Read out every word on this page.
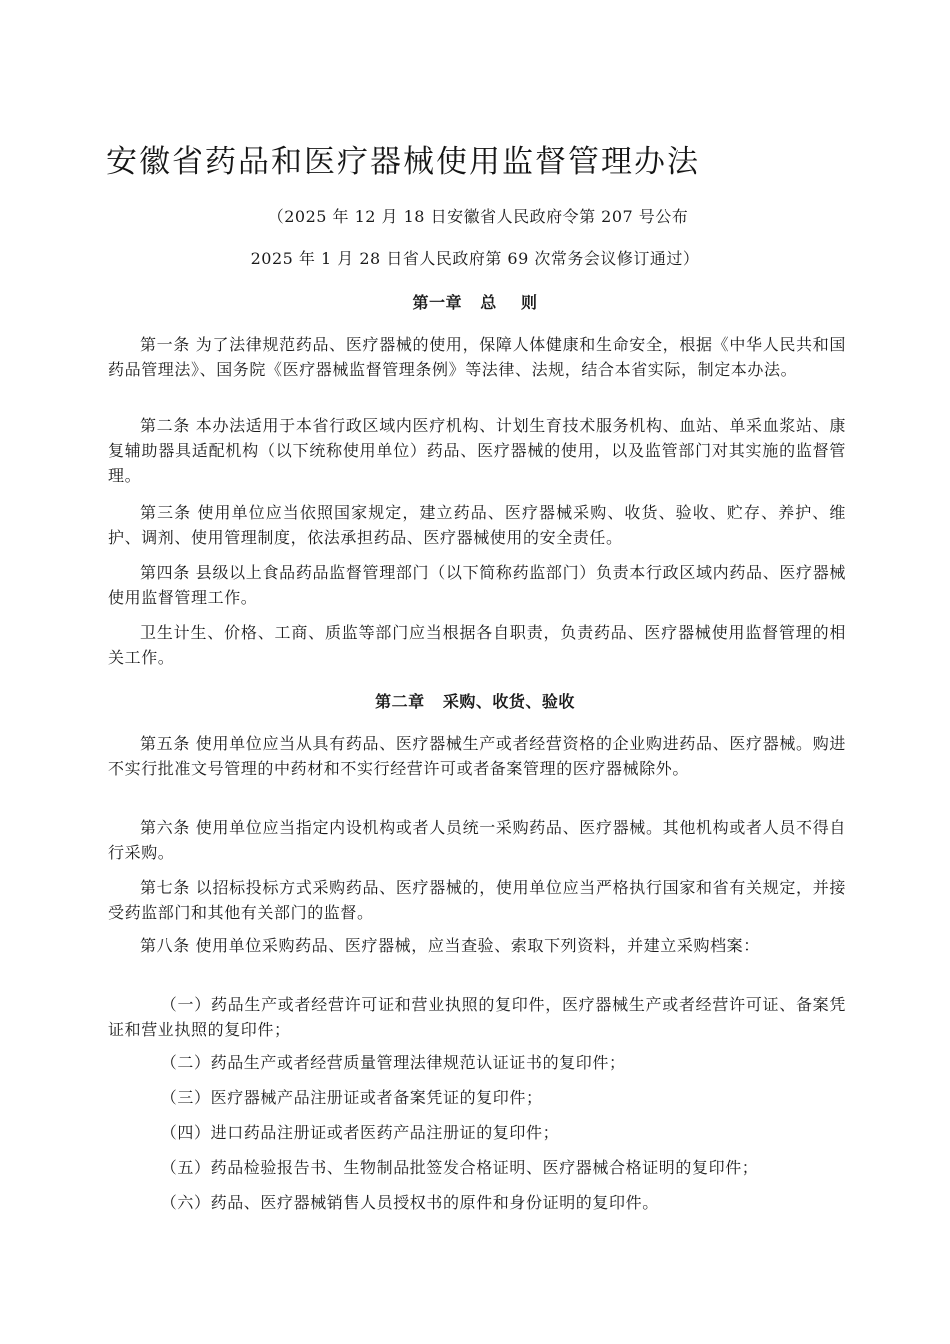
安徽省药品和医疗器械使用监督管理办法
（2025 年 12 月 18 日安徽省人民政府令第 207 号公布
2025 年 1 月 28 日省人民政府第 69 次常务会议修订通过）
第一章   总    则

第一条 为了法律规范药品、医疗器械的使用，保障人体健康和生命安全，根据《中华人民共和国药品管理法》、国务院《医疗器械监督管理条例》等法律、法规，结合本省实际，制定本办法。

第二条 本办法适用于本省行政区域内医疗机构、计划生育技术服务机构、血站、单采血浆站、康复辅助器具适配机构（以下统称使用单位）药品、医疗器械的使用，以及监管部门对其实施的监督管理。

第三条 使用单位应当依照国家规定，建立药品、医疗器械采购、收货、验收、贮存、养护、维护、调剂、使用管理制度，依法承担药品、医疗器械使用的安全责任。

第四条 县级以上食品药品监督管理部门（以下简称药监部门）负责本行政区域内药品、医疗器械使用监督管理工作。

卫生计生、价格、工商、质监等部门应当根据各自职责，负责药品、医疗器械使用监督管理的相关工作。

第二章   采购、收货、验收

第五条 使用单位应当从具有药品、医疗器械生产或者经营资格的企业购进药品、医疗器械。购进不实行批准文号管理的中药材和不实行经营许可或者备案管理的医疗器械除外。

第六条 使用单位应当指定内设机构或者人员统一采购药品、医疗器械。其他机构或者人员不得自行采购。

第七条 以招标投标方式采购药品、医疗器械的，使用单位应当严格执行国家和省有关规定，并接受药监部门和其他有关部门的监督。

第八条 使用单位采购药品、医疗器械，应当查验、索取下列资料，并建立采购档案：

（一）药品生产或者经营许可证和营业执照的复印件，医疗器械生产或者经营许可证、备案凭证和营业执照的复印件；

（二）药品生产或者经营质量管理法律规范认证证书的复印件；

（三）医疗器械产品注册证或者备案凭证的复印件；

（四）进口药品注册证或者医药产品注册证的复印件；

（五）药品检验报告书、生物制品批签发合格证明、医疗器械合格证明的复印件；

（六）药品、医疗器械销售人员授权书的原件和身份证明的复印件。
